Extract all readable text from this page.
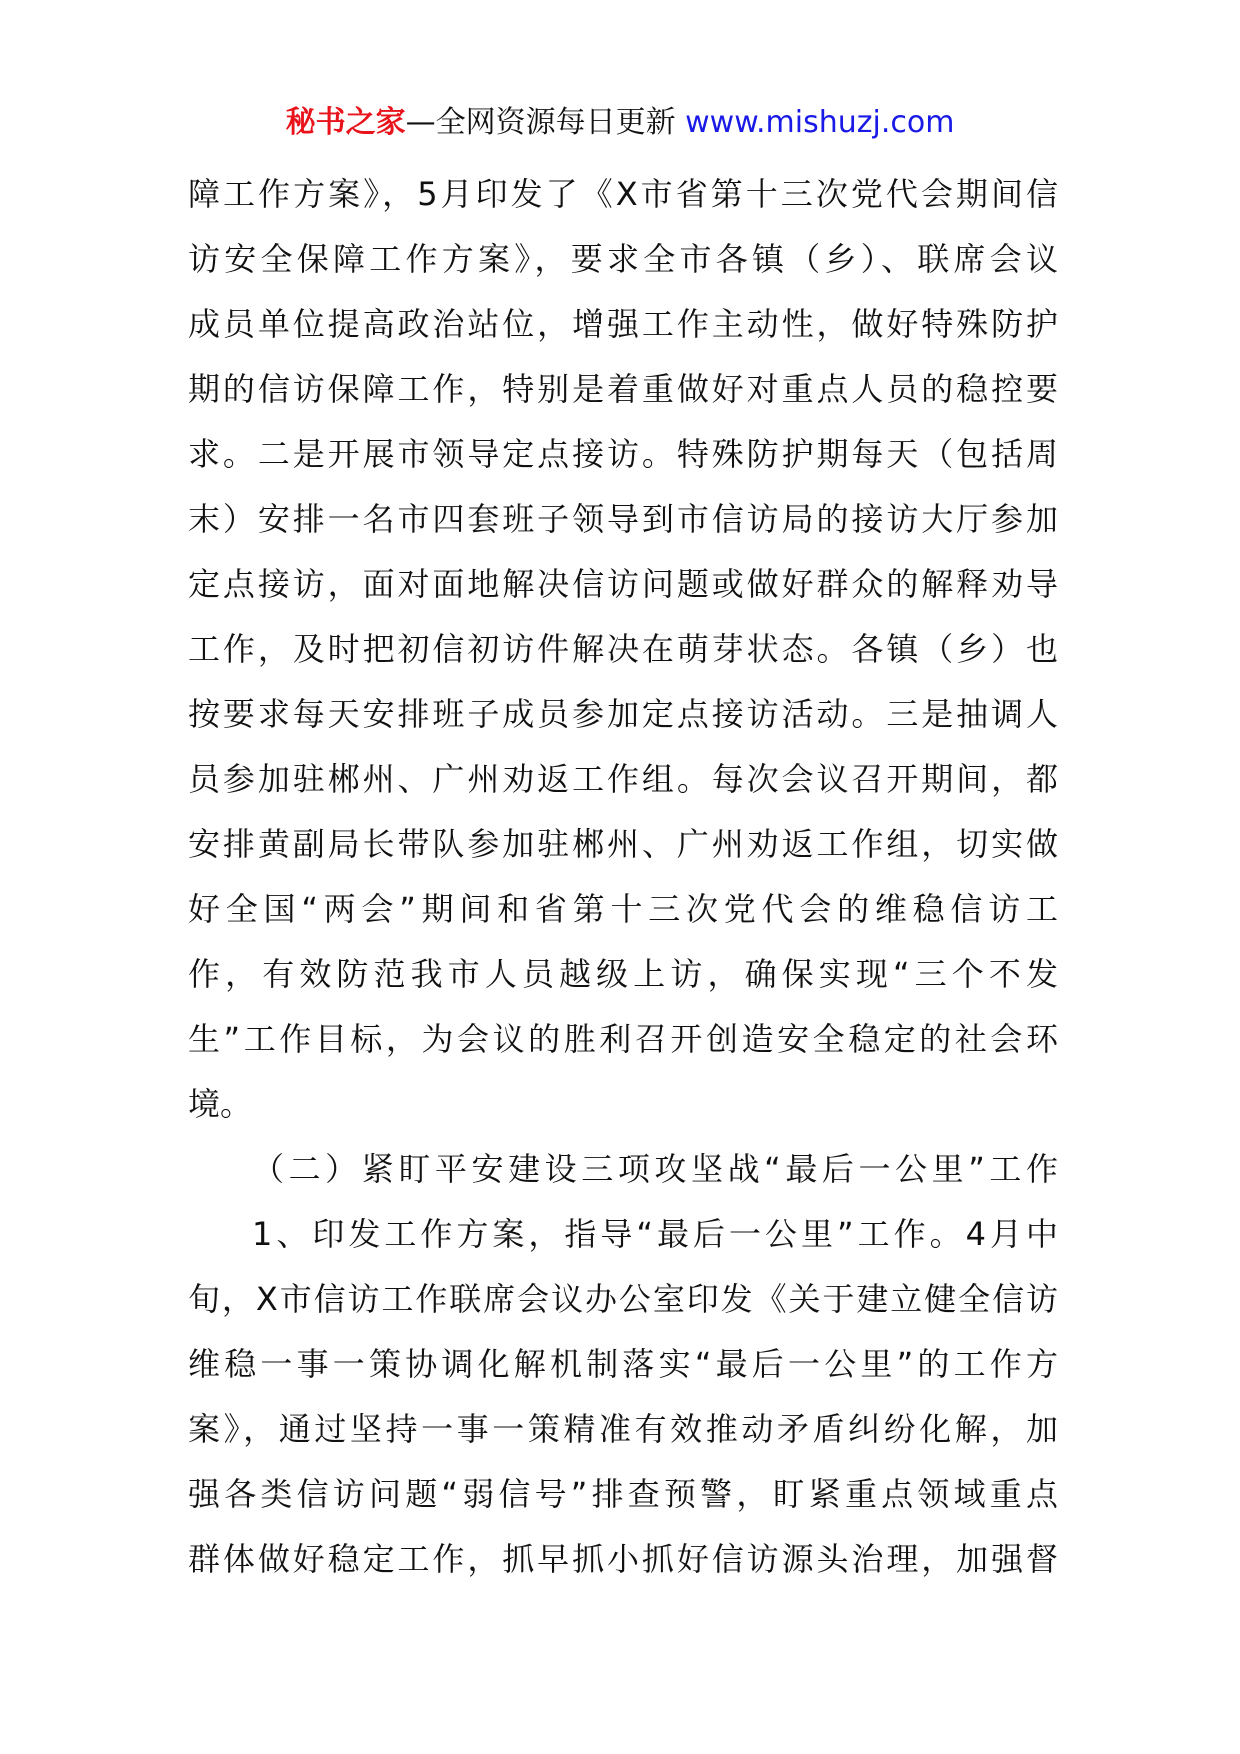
秘书之家—全网资源每日更新 www.mishuzj.com
障工作方案》，5月印发了《X市省第十三次党代会期间信
访安全保障工作方案》，要求全市各镇（乡）、联席会议
成员单位提高政治站位，增强工作主动性，做好特殊防护
期的信访保障工作，特别是着重做好对重点人员的稳控要
求。二是开展市领导定点接访。特殊防护期每天（包括周
末）安排一名市四套班子领导到市信访局的接访大厅参加
定点接访，面对面地解决信访问题或做好群众的解释劝导
工作，及时把初信初访件解决在萌芽状态。各镇（乡）也
按要求每天安排班子成员参加定点接访活动。三是抽调人
员参加驻郴州、广州劝返工作组。每次会议召开期间，都
安排黄副局长带队参加驻郴州、广州劝返工作组，切实做
好全国“两会”期间和省第十三次党代会的维稳信访工
作，有效防范我市人员越级上访，确保实现“三个不发
生”工作目标，为会议的胜利召开创造安全稳定的社会环
境。
（二）紧盯平安建设三项攻坚战“最后一公里”工作
1、印发工作方案，指导“最后一公里”工作。4月中
旬，X市信访工作联席会议办公室印发《关于建立健全信访
维稳一事一策协调化解机制落实“最后一公里”的工作方
案》，通过坚持一事一策精准有效推动矛盾纠纷化解，加
强各类信访问题“弱信号”排查预警，盯紧重点领域重点
群体做好稳定工作，抓早抓小抓好信访源头治理，加强督
